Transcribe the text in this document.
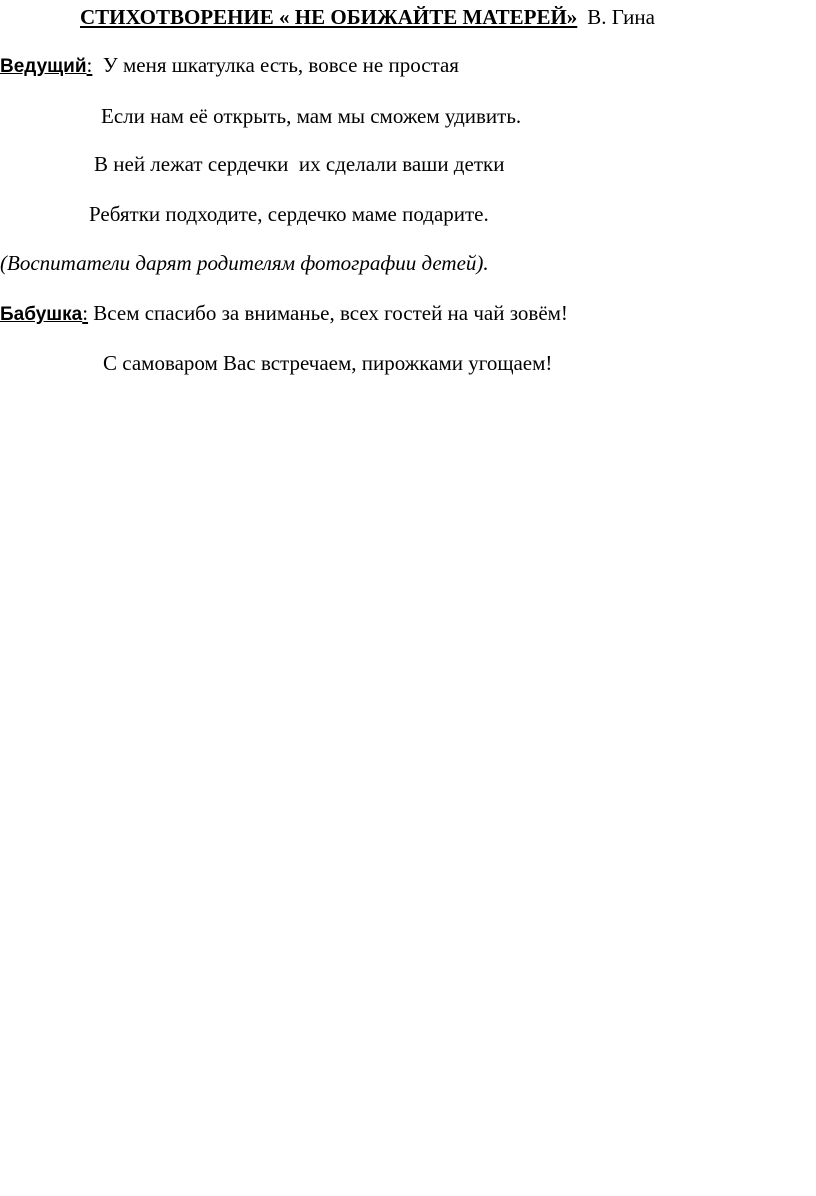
СТИХОТВОРЕНИЕ « НЕ ОБИЖАЙТЕ МАТЕРЕЙ» В. Гина
Ведущий:  У меня шкатулка есть, вовсе не простая
Если нам её открыть, мам мы сможем удивить.
В ней лежат сердечки  их сделали ваши детки
Ребятки подходите, сердечко маме подарите.
(Воспитатели дарят родителям фотографии детей).
Бабушка: Всем спасибо за вниманье, всех гостей на чай зовём!
С самоваром Вас встречаем, пирожками угощаем!
